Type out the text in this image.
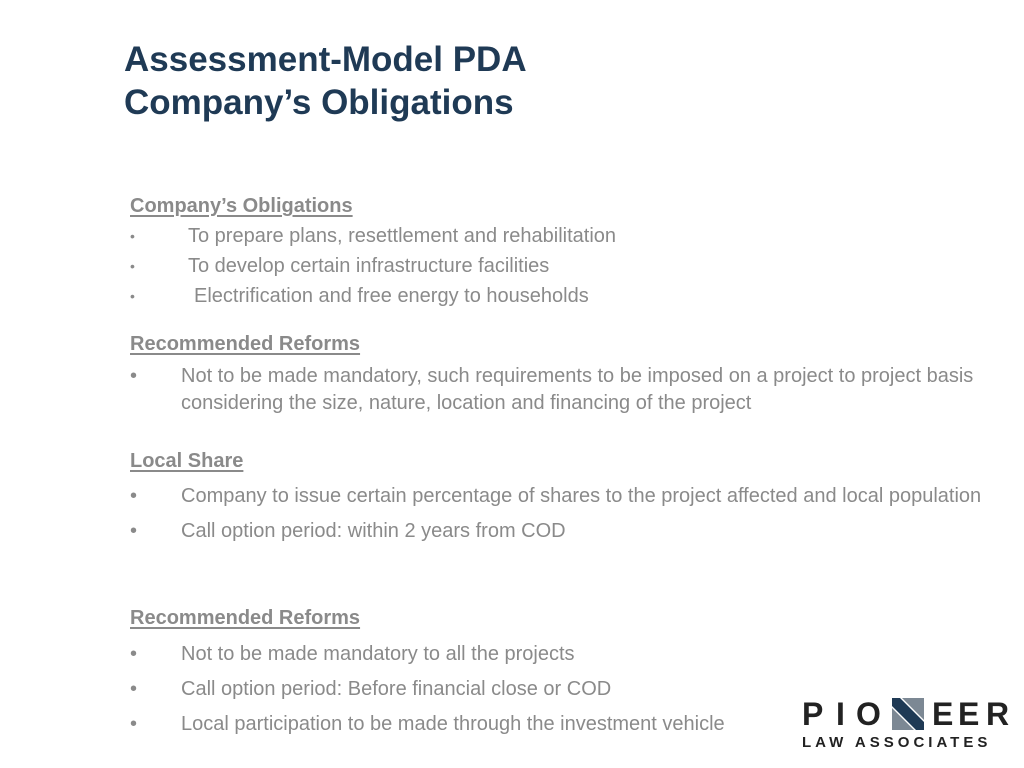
Assessment-Model PDA
Company’s Obligations
Company’s Obligations
•	To prepare plans, resettlement and rehabilitation
•	To develop certain infrastructure facilities
•	Electrification and free energy to households
Recommended Reforms
• Not to be made mandatory, such requirements to be imposed on a project to project basis considering the size, nature, location and financing of the project
Local Share
• Company to issue certain percentage of shares to the project affected and local population
• Call option period: within 2 years from COD
Recommended Reforms
• Not to be made mandatory to all the projects
• Call option period: Before financial close or COD
• Local participation to be made through the investment vehicle	P I O E E R
LAW ASSOCIATES
